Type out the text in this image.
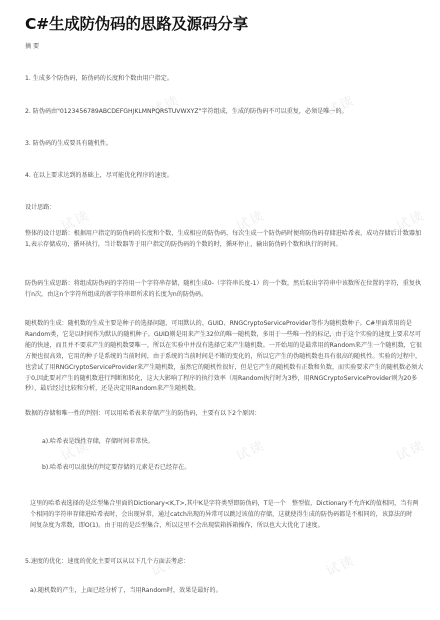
试读	试读
试读	试读	试读
试读	试读
试读	试读	试读
试读	试读
C#生成防伪码的思路及源码分享
摘 要
1. 生成多个防伪码，防伪码的长度和个数由用户指定。
2. 防伪码由"0123456789ABCDEFGHJKLMNPQRSTUVWXYZ"字符组成，生成的防伪码不可以重复，必须是唯一的。
3. 防伪码的生成要具有随机性。
4. 在以上要求达到的基础上，尽可能优化程序的速度。
设计思路：
整体的设计思路：根据用户指定的防伪码的长度和个数，生成相应的防伪码，每次生成一个防伪码时便将防伪码存储进哈希表，成功存储后计数器加1,表示存储成功，循环执行，当计数器等于用户指定的防伪码的个数的时，循环停止，输出防伪码个数和执行的时间。
防伪码生成思路：将组成防伪码的字符用一个字符串存储，随机生成0-（字符串长度-1）的一个数，然后取出字符串中该数所在位置的字符，重复执行n次，由这n个字符所组成的新字符串即所求的长度为n的防伪码。
随机数的生成：随机数的生成主要是种子的选择问题，可用默认的、GUID、RNGCryptoServiceProvider等作为随机数种子。C#里面常用的是Random类，它是以时间作为默认的随机种子。GUID则是用来产生32位的唯一随机数，多用于一些唯一性的标记，由于这个实验的速度上要求尽可能的快速，而且并不要求产生的随机数要唯一，所以在实验中并没有选择它来产生随机数。一开始用的是最常用的Random来产生一个随机数，它很方便也很高效，它用的种子是系统的当前时间，由于系统的当前时间是不断的变化的，所以它产生的伪随机数也具有很高的随机性。实验的过程中，也尝试了用RNGCryptoServiceProvider来产生随机数，虽然它的随机性很好，但是它产生的随机数有正数和负数，而实验要求产生的随机数必须大于0,因此要对产生的随机数进行判断和转化，这大大影响了程序的执行效率（用Random执行时为3秒，用RNGCryptoServiceProvider则为20多秒），最后经过比较和分析，还是决定用Random来产生随机数。
数据的存储和唯一性的判别：可以用哈希表来存储产生的防伪码，主要有以下2个原因：
a).哈希表是线性存储，存储时间非常快。
b).哈希表可以很快的判定要存储的元素是否已经存在。
这里的哈希表选择的是泛型集合里面的Dictionary<K,T>,其中K是字符类型即防伪码，T是一个　整型值，Dictionary不允许K的值相同，当有两个相同的字符串存储进哈希表时，会出现异常，通过catch出现的异常可以跳过该值的存储，这就使得生成的防伪码都是不相同的，该算法的时　间复杂度为常数，即O(1)。由于用的是泛型集合，所以这里不会出现装箱拆箱操作，所以也大大优化了速度。
5.速度的优化：速度的优化主要可以从以下几个方面去考虑：
a).随机数的产生，上面已经分析了，当用Random时，效果是最好的。
